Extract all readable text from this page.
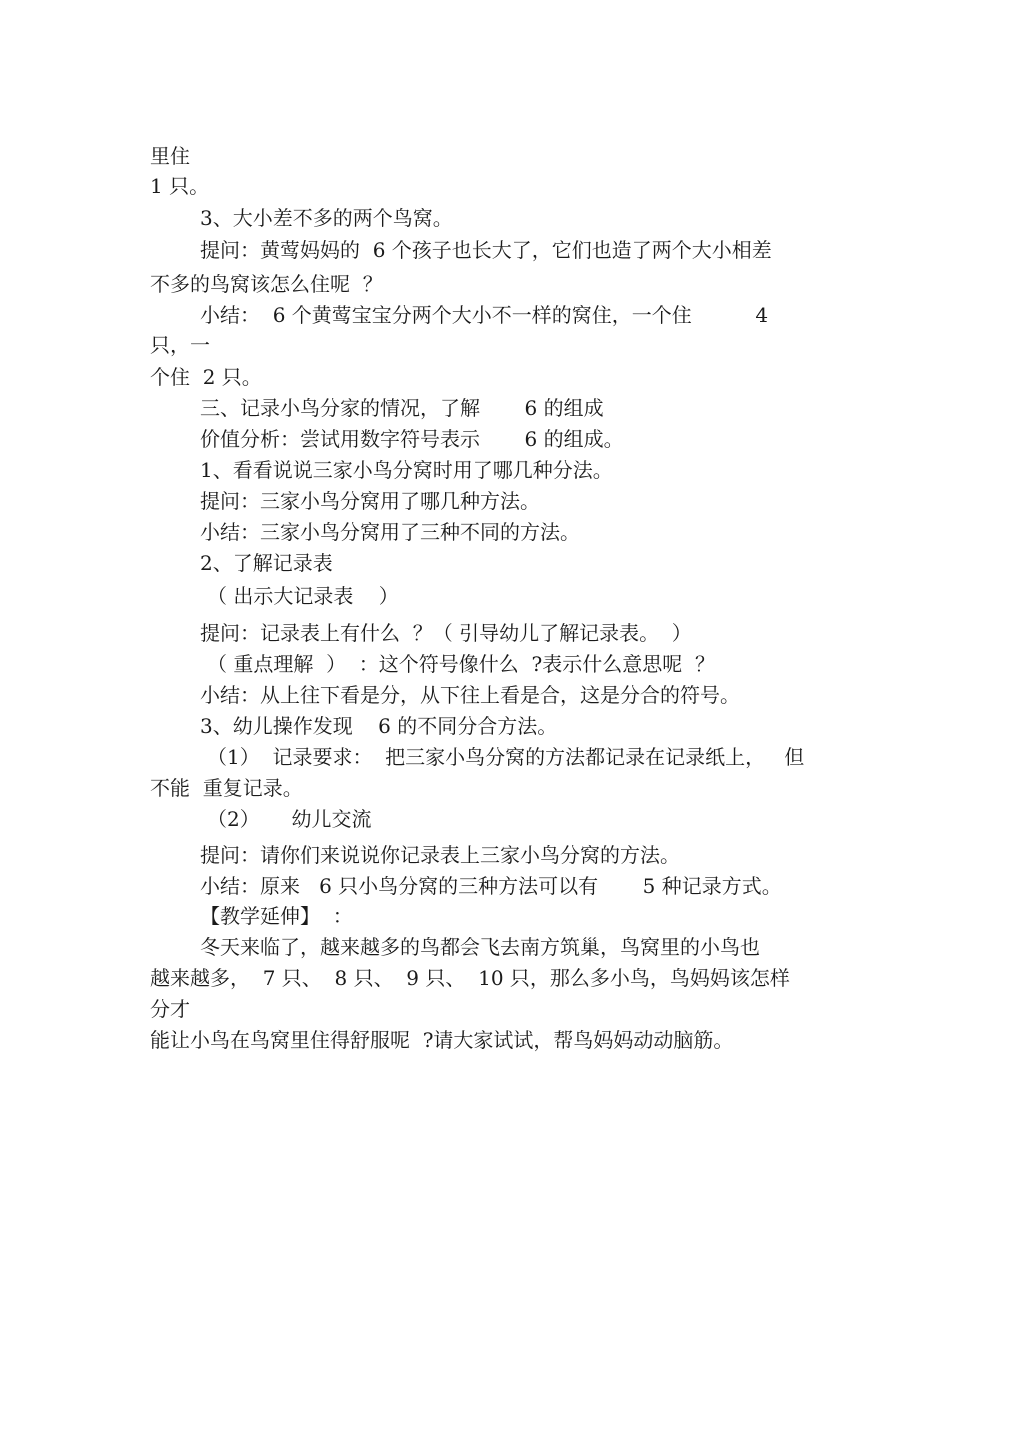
里住
1 只。
3、大小差不多的两个鸟窝。
提问：黄莺妈妈的  6 个孩子也长大了，它们也造了两个大小相差
不多的鸟窝该怎么住呢  ？
小结：  6 个黄莺宝宝分两个大小不一样的窝住，一个住          4
只，一
个住  2 只。
三、记录小鸟分家的情况，了解       6 的组成
价值分析：尝试用数字符号表示       6 的组成。
1、看看说说三家小鸟分窝时用了哪几种分法。
提问：三家小鸟分窝用了哪几种方法。
小结：三家小鸟分窝用了三种不同的方法。
2、了解记录表
（ 出示大记录表    ）
提问：记录表上有什么  ？（ 引导幼儿了解记录表。  ）
（ 重点理解  ）  ：这个符号像什么  ?表示什么意思呢  ？
小结：从上往下看是分，从下往上看是合，这是分合的符号。
3、幼儿操作发现    6 的不同分合方法。
（1）  记录要求：  把三家小鸟分窝的方法都记录在记录纸上，   但
不能  重复记录。
（2）     幼儿交流
提问：请你们来说说你记录表上三家小鸟分窝的方法。
小结：原来   6 只小鸟分窝的三种方法可以有       5 种记录方式。
【教学延伸】  ：
冬天来临了，越来越多的鸟都会飞去南方筑巢，鸟窝里的小鸟也
越来越多，  7 只、  8 只、  9 只、  10 只，那么多小鸟，鸟妈妈该怎样
分才
能让小鸟在鸟窝里住得舒服呢  ?请大家试试，帮鸟妈妈动动脑筋。
